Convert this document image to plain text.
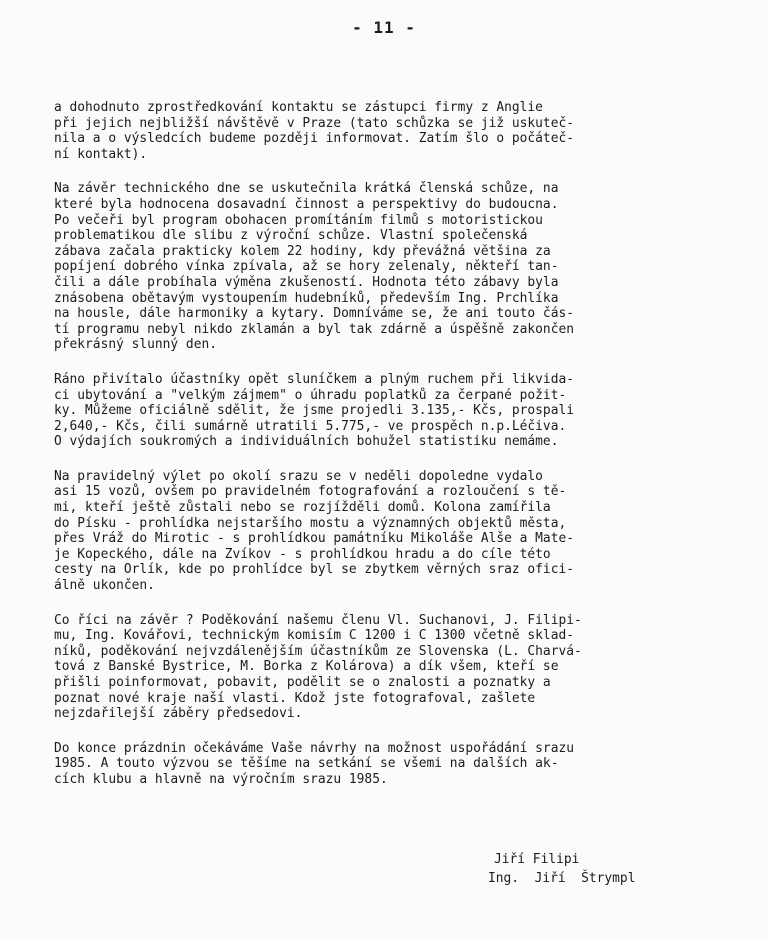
- 11 -
a dohodnuto zprostředkování kontaktu se zástupci firmy z Anglie
při jejich nejbližší návštěvě v Praze (tato schůzka se již uskuteč-
nila a o výsledcích budeme později informovat. Zatím šlo o počáteč-
ní kontakt).
Na závěr technického dne se uskutečnila krátká členská schůze, na
které byla hodnocena dosavadní činnost a perspektivy do budoucna.
Po večeři byl program obohacen promítáním filmů s motoristickou
problematikou dle slibu z výroční schůze. Vlastní společenská
zábava začala prakticky kolem 22 hodiny, kdy převážná většina za
popíjení dobrého vínka zpívala, až se hory zelenaly, někteří tan-
čili a dále probíhala výměna zkušeností. Hodnota této zábavy byla
znásobena obětavým vystoupením hudebníků, především Ing. Prchlíka
na housle, dále harmoniky a kytary. Domníváme se, že ani touto čás-
tí programu nebyl nikdo zklamán a byl tak zdárně a úspěšně zakončen
překrásný slunný den.
Ráno přivítalo účastníky opět sluníčkem a plným ruchem při likvida-
ci ubytování a "velkým zájmem" o úhradu poplatků za čerpané požit-
ky. Můžeme oficiálně sdělit, že jsme projedli 3.135,- Kčs, prospali
2,640,- Kčs, čili sumárně utratili 5.775,- ve prospěch n.p.Léčiva.
O výdajích soukromých a individuálních bohužel statistiku nemáme.
Na pravidelný výlet po okolí srazu se v neděli dopoledne vydalo
asi 15 vozů, ovšem po pravidelném fotografování a rozloučení s tě-
mi, kteří ještě zůstali nebo se rozjížděli domů. Kolona zamířila
do Písku - prohlídka nejstaršího mostu a významných objektů města,
přes Vráž do Mirotic - s prohlídkou památníku Mikoláše Alše a Mate-
je Kopeckého, dále na Zvíkov - s prohlídkou hradu a do cíle této
cesty na Orlík, kde po prohlídce byl se zbytkem věrných sraz ofici-
álně ukončen.
Co říci na závěr ? Poděkování našemu členu Vl. Suchanovi, J. Filipi-
mu, Ing. Kovářovi, technickým komisím C 1200 i C 1300 včetně sklad-
níků, poděkování nejvzdálenějším účastníkům ze Slovenska (L. Charvá-
tová z Banské Bystrice, M. Borka z Kolárova) a dík všem, kteří se
přišli poinformovat, pobavit, podělit se o znalosti a poznatky a
poznat nové kraje naší vlasti. Kdož jste fotografoval, zašlete
nejzdařilejší záběry předsedovi.
Do konce prázdnin očekáváme Vaše návrhy na možnost uspořádání srazu
1985. A touto výzvou se těšíme na setkání se všemi na dalších ak-
cích klubu a hlavně na výročním srazu 1985.
Jiří Filipi
Ing.  Jiří  Štrympl
